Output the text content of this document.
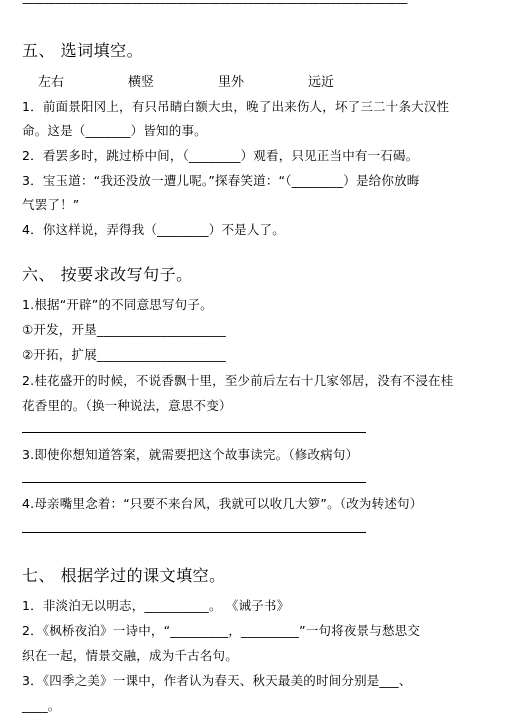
———————————————————————————————————
五、 选词填空。
左右	横竖	里外	远近
1．前面景阳冈上，有只吊睛白额大虫，晚了出来伤人，坏了三二十条大汉性
命。这是（_______）皆知的事。
2．看罢多时，跳过桥中间，（________）观看，只见正当中有一石碣。
3．宝玉道：“我还没放一遭儿呢。”探春笑道：“（________）是给你放晦
气罢了！”
4．你这样说，弄得我（________）不是人了。
六、 按要求改写句子。
1.根据“开辟”的不同意思写句子。
①开发，开垦____________________
②开拓，扩展____________________
2.桂花盛开的时候，不说香飘十里，至少前后左右十几家邻居，没有不浸在桂
花香里的。（换一种说法，意思不变）
3.即使你想知道答案，就需要把这个故事读完。（修改病句）
4.母亲嘴里念着：“只要不来台风，我就可以收几大箩”。（改为转述句）
七、 根据学过的课文填空。
1．非淡泊无以明志，__________。 《诫子书》
2．《枫桥夜泊》一诗中，“_________，_________”一句将夜景与愁思交
织在一起，情景交融，成为千古名句。
3．《四季之美》一课中，作者认为春天、秋天最美的时间分别是___、
____。
